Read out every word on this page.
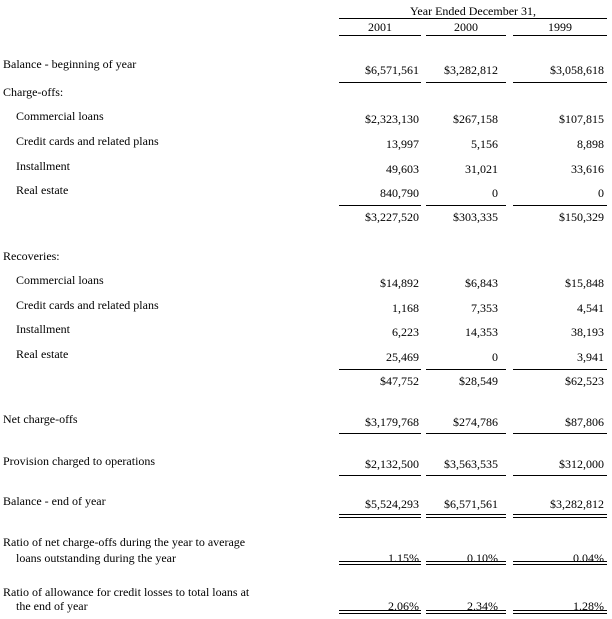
Year Ended December 31,
2001	2000	1999
Balance - beginning of year	$6,571,561	$3,282,812	$3,058,618
Charge-offs:
Commercial loans	$2,323,130	$267,158	$107,815
Credit cards and related plans	13,997	5,156	8,898
Installment	49,603	31,021	33,616
Real estate	840,790	0	0
$3,227,520	$303,335	$150,329
Recoveries:
Commercial loans	$14,892	$6,843	$15,848
Credit cards and related plans	1,168	7,353	4,541
Installment	6,223	14,353	38,193
Real estate	25,469	0	3,941
$47,752	$28,549	$62,523
Net charge-offs	$3,179,768	$274,786	$87,806
Provision charged to operations	$2,132,500	$3,563,535	$312,000
Balance - end of year	$5,524,293	$6,571,561	$3,282,812
Ratio of net charge-offs during the year to average
loans outstanding during the year	1.15%	0.10%	0.04%
Ratio of allowance for credit losses to total loans at
the end of year	2.06%	2.34%	1.28%
